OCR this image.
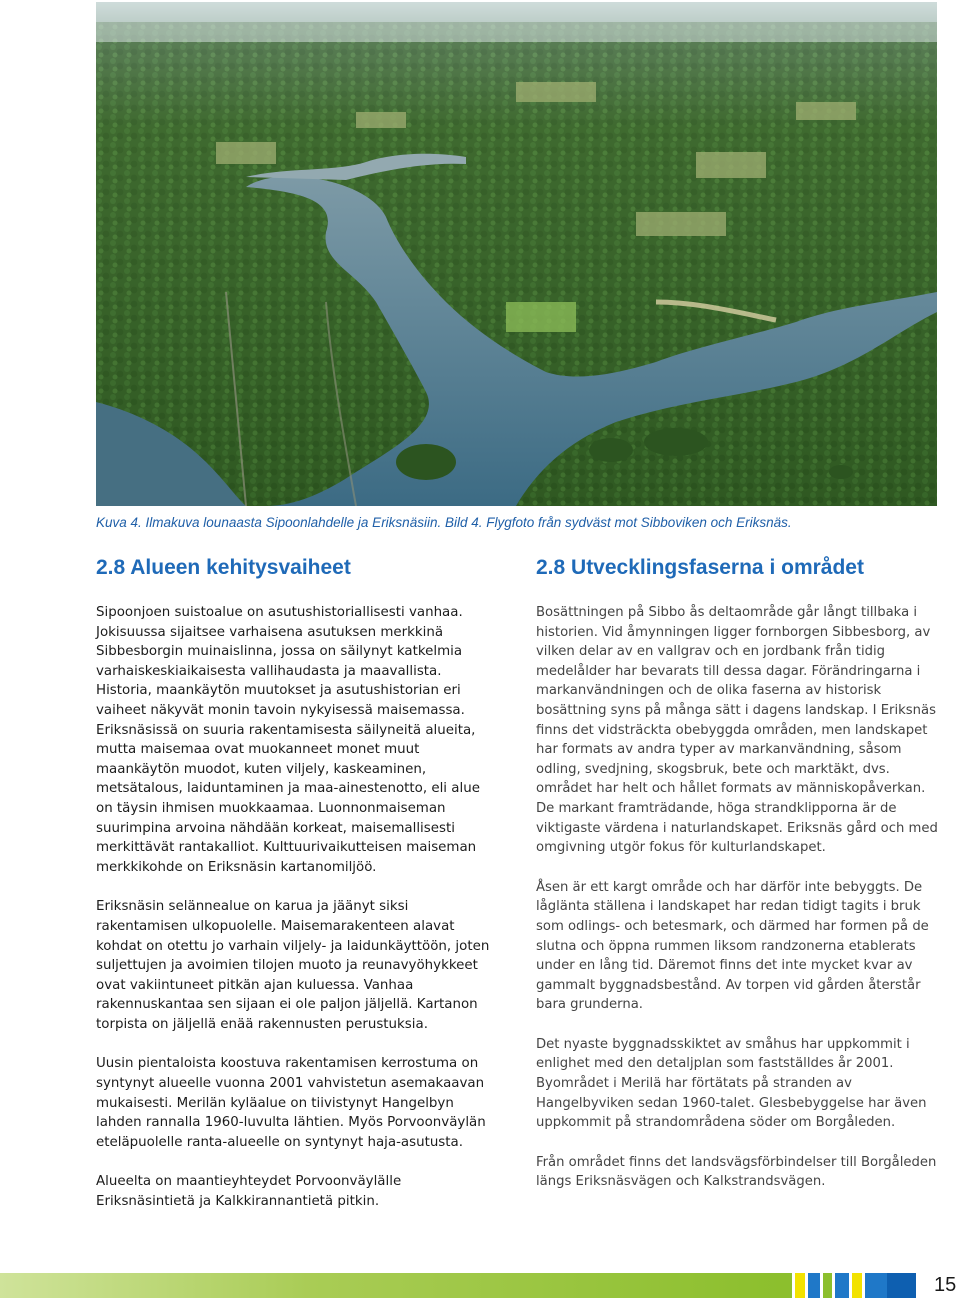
Kuva 4. Ilmakuva lounaasta Sipoonlahdelle ja Eriksnäsiin. Bild 4. Flygfoto från sydväst mot Sibboviken och Eriksnäs.
2.8 Alueen kehitysvaiheet	2.8 Utvecklingsfaserna i området

Sipoonjoen suistoalue on asutushistoriallisesti vanhaa. Jokisuussa sijaitsee varhaisena asutuksen merkkinä Sibbesborgin muinaislinna, jossa on säilynyt katkelmia varhaiskeskiaikaisesta vallihaudasta ja maavallista. Historia, maankäytön muutokset ja asutushistorian eri vaiheet näkyvät monin tavoin nykyisessä maisemassa. Eriksnäsissä on suuria rakentamisesta säilyneitä alueita, mutta maisemaa ovat muokanneet monet muut maankäytön muodot, kuten viljely, kaskeaminen, metsätalous, laiduntaminen ja maa-ainestenotto, eli alue on täysin ihmisen muokkaamaa. Luonnonmaiseman suurimpina arvoina nähdään korkeat, maisemallisesti merkittävät rantakalliot. Kulttuurivaikutteisen maiseman merkkikohde on Eriksnäsin kartanomiljöö.

Eriksnäsin selännealue on karua ja jäänyt siksi rakentamisen ulkopuolelle. Maisemarakenteen alavat kohdat on otettu jo varhain viljely- ja laidunkäyttöön, joten suljettujen ja avoimien tilojen muoto ja reunavyöhykkeet ovat vakiintuneet pitkän ajan kuluessa. Vanhaa rakennuskantaa sen sijaan ei ole paljon jäljellä. Kartanon torpista on jäljellä enää rakennusten perustuksia.

Uusin pientaloista koostuva rakentamisen kerrostuma on syntynyt alueelle vuonna 2001 vahvistetun asemakaavan mukaisesti. Merilän kyläalue on tiivistynyt Hangelbyn lahden rannalla 1960-luvulta lähtien. Myös Porvoonväylän eteläpuolelle ranta-alueelle on syntynyt haja-asutusta.

Alueelta on maantieyhteydet Porvoonväylälle Eriksnäsintietä ja Kalkkirannantietä pitkin.

Bosättningen på Sibbo ås deltaområde går långt tillbaka i historien. Vid åmynningen ligger fornborgen Sibbesborg, av vilken delar av en vallgrav och en jordbank från tidig medelålder har bevarats till dessa dagar. Förändringarna i markanvändningen och de olika faserna av historisk bosättning syns på många sätt i dagens landskap. I Eriksnäs finns det vidsträckta obebyggda områden, men landskapet har formats av andra typer av markanvändning, såsom odling, svedjning, skogsbruk, bete och marktäkt, dvs. området har helt och hållet formats av människopåverkan. De markant framträdande, höga strandklipporna är de viktigaste värdena i naturlandskapet. Eriksnäs gård och med omgivning utgör fokus för kulturlandskapet.

Åsen är ett kargt område och har därför inte bebyggts. De låglänta ställena i landskapet har redan tidigt tagits i bruk som odlings- och betesmark, och därmed har formen på de slutna och öppna rummen liksom randzonerna etablerats under en lång tid. Däremot finns det inte mycket kvar av gammalt byggnadsbestånd. Av torpen vid gården återstår bara grunderna.

Det nyaste byggnadsskiktet av småhus har uppkommit i enlighet med den detaljplan som fastställdes år 2001. Byområdet i Merilä har förtätats på stranden av Hangelbyviken sedan 1960-talet. Glesbebyggelse har även uppkommit på strandområdena söder om Borgåleden.

Från området finns det landsvägsförbindelser till Borgåleden längs Eriksnäsvägen och Kalkstrandsvägen.

15
